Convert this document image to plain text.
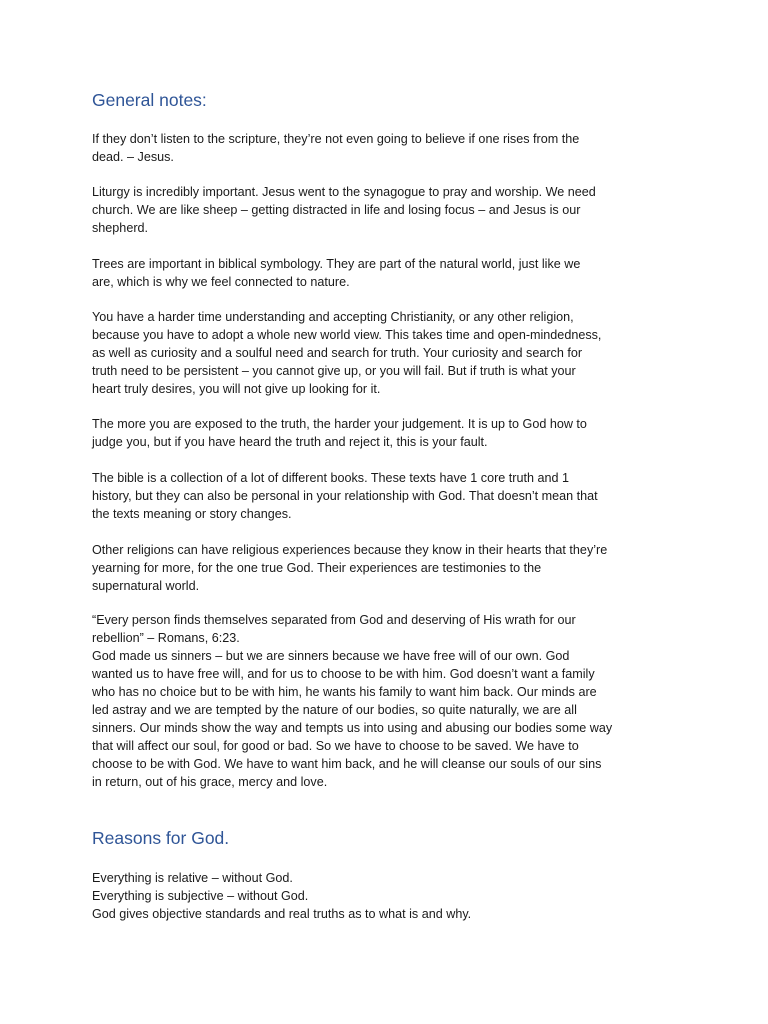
General notes:

If they don’t listen to the scripture, they’re not even going to believe if one rises from the
dead. – Jesus.

Liturgy is incredibly important. Jesus went to the synagogue to pray and worship. We need
church. We are like sheep – getting distracted in life and losing focus – and Jesus is our
shepherd.

Trees are important in biblical symbology. They are part of the natural world, just like we
are, which is why we feel connected to nature.

You have a harder time understanding and accepting Christianity, or any other religion,
because you have to adopt a whole new world view. This takes time and open-mindedness,
as well as curiosity and a soulful need and search for truth. Your curiosity and search for
truth need to be persistent – you cannot give up, or you will fail. But if truth is what your
heart truly desires, you will not give up looking for it.

The more you are exposed to the truth, the harder your judgement. It is up to God how to
judge you, but if you have heard the truth and reject it, this is your fault.

The bible is a collection of a lot of different books. These texts have 1 core truth and 1
history, but they can also be personal in your relationship with God. That doesn’t mean that
the texts meaning or story changes.

Other religions can have religious experiences because they know in their hearts that they’re
yearning for more, for the one true God. Their experiences are testimonies to the
supernatural world.

“Every person finds themselves separated from God and deserving of His wrath for our
rebellion” – Romans, 6:23.
God made us sinners – but we are sinners because we have free will of our own. God
wanted us to have free will, and for us to choose to be with him. God doesn’t want a family
who has no choice but to be with him, he wants his family to want him back. Our minds are
led astray and we are tempted by the nature of our bodies, so quite naturally, we are all
sinners. Our minds show the way and tempts us into using and abusing our bodies some way
that will affect our soul, for good or bad. So we have to choose to be saved. We have to
choose to be with God. We have to want him back, and he will cleanse our souls of our sins
in return, out of his grace, mercy and love.

Reasons for God.

Everything is relative – without God.
Everything is subjective – without God.
God gives objective standards and real truths as to what is and why.
